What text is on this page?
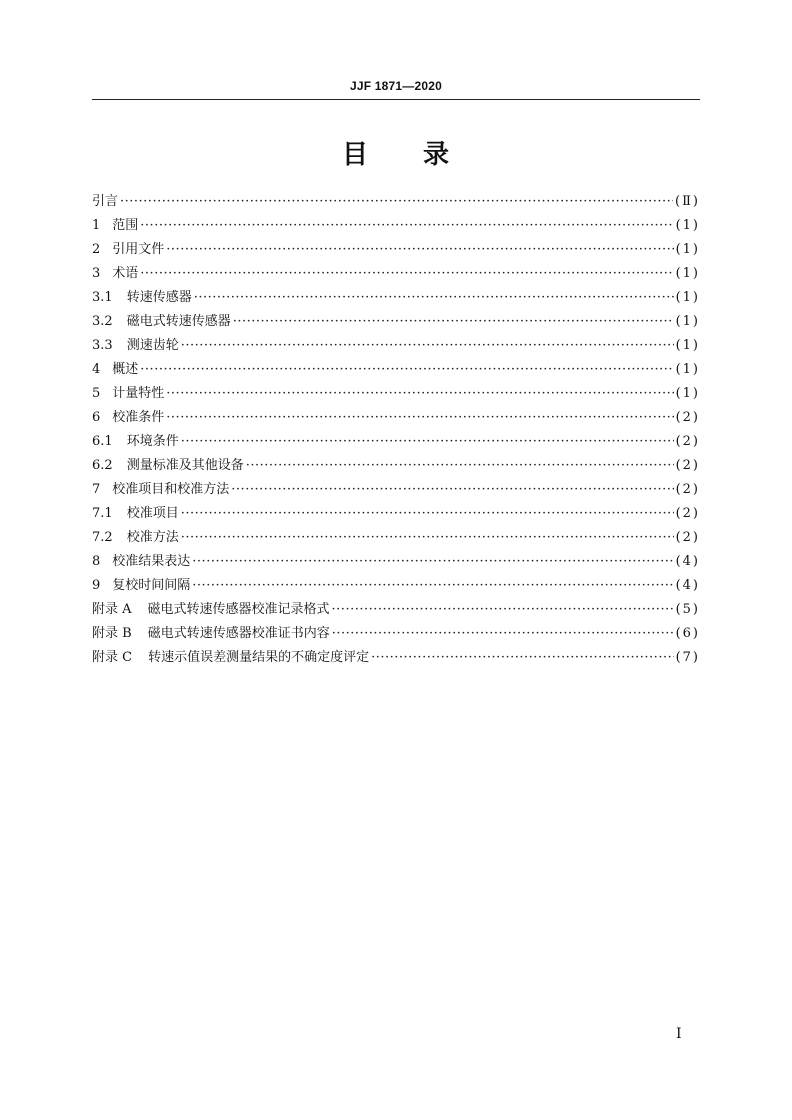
JJF 1871—2020
目 录
引言 ·····	(Ⅱ)
1 范围 ·····	(1)
2 引用文件 ·····	(1)
3 术语 ·····	(1)
3.1 转速传感器 ·····	(1)
3.2 磁电式转速传感器 ·····	(1)
3.3 测速齿轮 ·····	(1)
4 概述 ·····	(1)
5 计量特性 ·····	(1)
6 校准条件 ·····	(2)
6.1 环境条件 ·····	(2)
6.2 测量标准及其他设备 ·····	(2)
7 校准项目和校准方法 ·····	(2)
7.1 校准项目 ·····	(2)
7.2 校准方法 ·····	(2)
8 校准结果表达 ·····	(4)
9 复校时间间隔 ·····	(4)
附录 A 磁电式转速传感器校准记录格式 ·····	(5)
附录 B 磁电式转速传感器校准证书内容 ·····	(6)
附录 C 转速示值误差测量结果的不确定度评定 ·····	(7)
I
